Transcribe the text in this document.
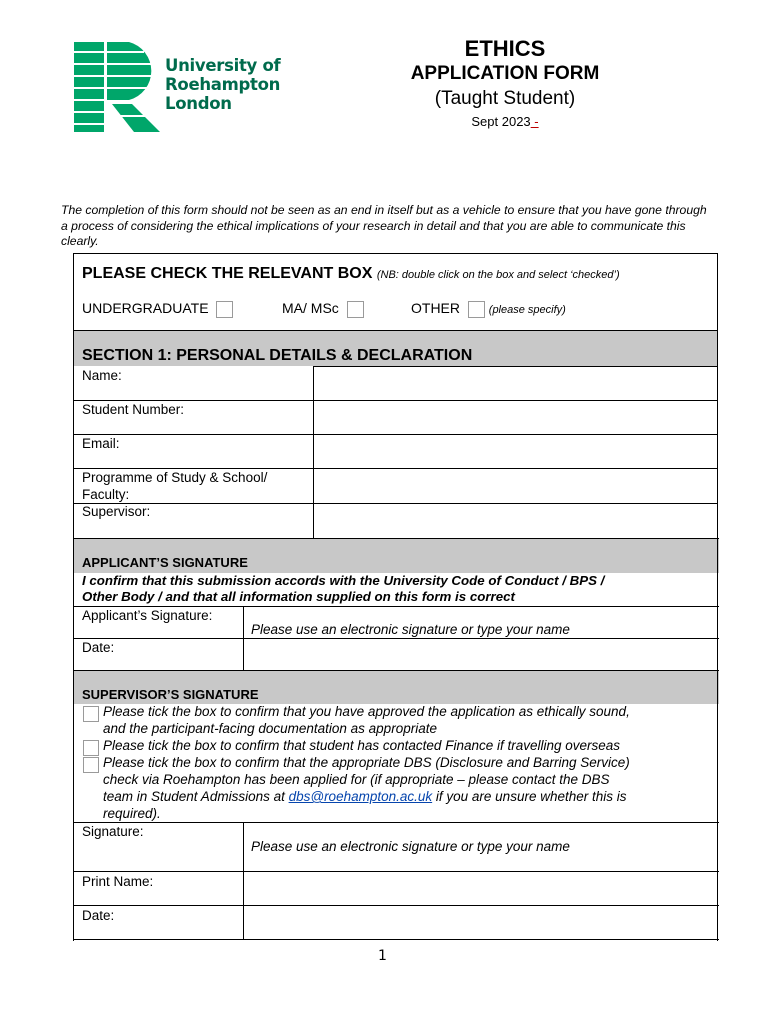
University of
Roehampton
London
ETHICS
APPLICATION FORM
(Taught Student)
Sept 2023 -
The completion of this form should not be seen as an end in itself but as a vehicle to ensure that you have gone through a process of considering the ethical implications of your research in detail and that you are able to communicate this clearly.
PLEASE CHECK THE RELEVANT BOX (NB: double click on the box and select ‘checked’)
UNDERGRADUATE	MA/ MSc	OTHER	(please specify)
SECTION 1: PERSONAL DETAILS & DECLARATION
Name:
Student Number:
Email:
Programme of Study & School/
Faculty:
Supervisor:
APPLICANT’S SIGNATURE
I confirm that this submission accords with the University Code of Conduct / BPS /
Other Body / and that all information supplied on this form is correct
Applicant’s Signature:
Please use an electronic signature or type your name
Date:
SUPERVISOR’S SIGNATURE
Please tick the box to confirm that you have approved the application as ethically sound,
and the participant-facing documentation as appropriate
Please tick the box to confirm that student has contacted Finance if travelling overseas
Please tick the box to confirm that the appropriate DBS (Disclosure and Barring Service)
check via Roehampton has been applied for (if appropriate – please contact the DBS
team in Student Admissions at dbs@roehampton.ac.uk if you are unsure whether this is
required).
Signature:
Please use an electronic signature or type your name
Print Name:
Date:
1
